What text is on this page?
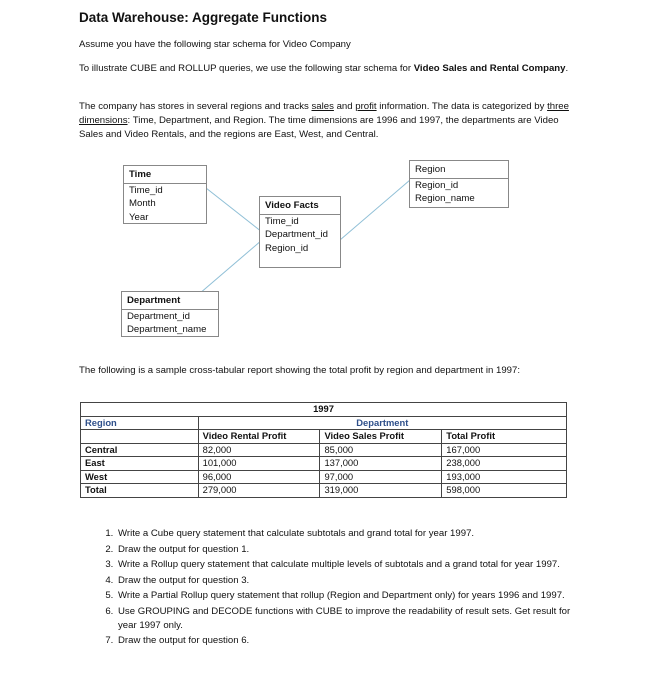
Data Warehouse: Aggregate Functions

Assume you have the following star schema for Video Company

To illustrate CUBE and ROLLUP queries, we use the following star schema for Video Sales and Rental Company.

The company has stores in several regions and tracks sales and profit information. The data is categorized by three dimensions: Time, Department, and Region. The time dimensions are 1996 and 1997, the departments are Video Sales and Video Rentals, and the regions are East, West, and Central.

Time
Time_id
Month
Year
Video Facts
Time_id
Department_id
Region_id
Region
Region_id
Region_name
Department
Department_id
Department_name

The following is a sample cross-tabular report showing the total profit by region and department in 1997:

1997			
Region	Department		
	Video Rental Profit	Video Sales Profit	Total Profit
Central	82,000	85,000	167,000
East	101,000	137,000	238,000
West	96,000	97,000	193,000
Total	279,000	319,000	598,000
1. Write a Cube query statement that calculate subtotals and grand total for year 1997.
2. Draw the output for question 1.
3. Write a Rollup query statement that calculate multiple levels of subtotals and a grand total for year 1997.
4. Draw the output for question 3.
5. Write a Partial Rollup query statement that rollup (Region and Department only) for years 1996 and 1997.
6. Use GROUPING and DECODE functions with CUBE to improve the readability of result sets. Get result for year 1997 only.
7. Draw the output for question 6.
